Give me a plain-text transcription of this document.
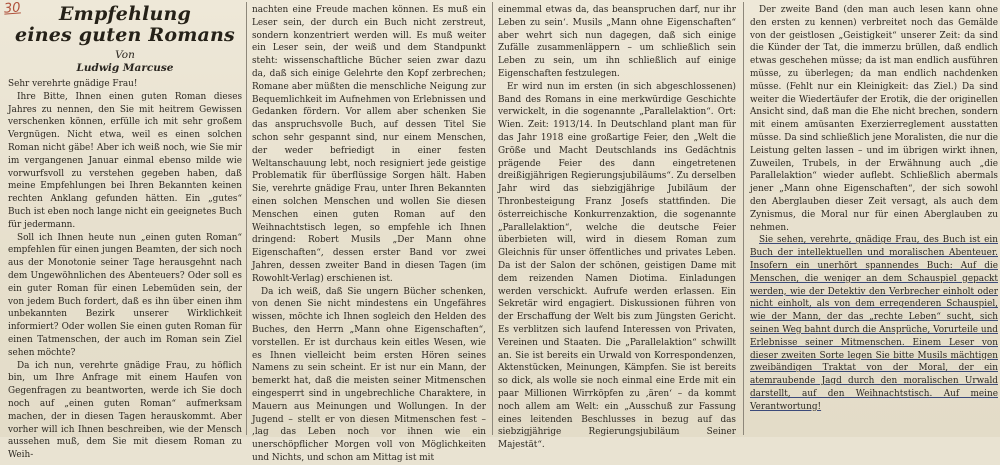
30	Empfehlung
eines guten Romans
Von
Ludwig Marcuse

Sehr verehrte gnädige Frau!

Ihre Bitte, Ihnen einen guten Roman dieses Jahres zu nennen, den Sie mit heitrem Gewissen verschenken können, erfülle ich mit sehr großem Vergnügen. Nicht etwa, weil es einen solchen Roman nicht gäbe! Aber ich weiß noch, wie Sie mir im vergangenen Januar einmal ebenso milde wie vorwurfsvoll zu verstehen gegeben haben, daß meine Empfehlungen bei Ihren Bekannten keinen rechten Anklang gefunden hätten. Ein „gutes“ Buch ist eben noch lange nicht ein geeignetes Buch für jedermann.

Soll ich Ihnen heute nun „einen guten Roman“ empfehlen für einen jungen Beamten, der sich noch aus der Monotonie seiner Tage herausgehnt nach dem Ungewöhnlichen des Abenteuers? Oder soll es ein guter Roman für einen Lebemüden sein, der von jedem Buch fordert, daß es ihn über einen ihm unbekannten Bezirk unserer Wirklichkeit informiert? Oder wollen Sie einen guten Roman für einen Tatmenschen, der auch im Roman sein Ziel sehen möchte?

Da ich nun, verehrte gnädige Frau, zu höflich bin, um Ihre Anfrage mit einem Haufen von Gegenfragen zu beantworten, werde ich Sie doch noch auf „einen guten Roman“ aufmerksam machen, der in diesen Tagen herauskommt. Aber vorher will ich Ihnen beschreiben, wie der Mensch aussehen muß, dem Sie mit diesem Roman zu Weih-

nachten eine Freude machen können. Es muß ein Leser sein, der durch ein Buch nicht zerstreut, sondern konzentriert werden will. Es muß weiter ein Leser sein, der weiß und dem Standpunkt steht: wissenschaftliche Bücher seien zwar dazu da, daß sich einige Gelehrte den Kopf zerbrechen; Romane aber müßten die menschliche Neigung zur Bequemlichkeit im Aufnehmen von Erlebnissen und Gedanken fördern. Vor allem aber schenken Sie das anspruchsvolle Buch, auf dessen Titel Sie schon sehr gespannt sind, nur einem Menschen, der weder befriedigt in einer festen Weltanschauung lebt, noch resigniert jede geistige Problematik für überflüssige Sorgen hält. Haben Sie, verehrte gnädige Frau, unter Ihren Bekannten einen solchen Menschen und wollen Sie diesen Menschen einen guten Roman auf den Weihnachtstisch legen, so empfehle ich Ihnen dringend: Robert Musils „Der Mann ohne Eigenschaften“, dessen erster Band vor zwei Jahren, dessen zweiter Band in diesen Tagen (im Rowohlt-Verlag) erschienen ist.

Da ich weiß, daß Sie ungern Bücher schenken, von denen Sie nicht mindestens ein Ungefähres wissen, möchte ich Ihnen sogleich den Helden des Buches, den Herrn „Mann ohne Eigenschaften“, vorstellen. Er ist durchaus kein eitles Wesen, wie es Ihnen vielleicht beim ersten Hören seines Namens zu sein scheint. Er ist nur ein Mann, der bemerkt hat, daß die meisten seiner Mitmenschen eingesperrt sind in ungebrechliche Charaktere, in Mauern aus Meinungen und Wollungen. In der Jugend – stellt er von diesen Mitmenschen fest – ‚lag das Leben noch vor ihnen wie ein unerschöpflicher Morgen voll von Möglichkeiten und Nichts, und schon am Mittag ist mit

einemmal etwas da, das beanspruchen darf, nur ihr Leben zu sein‘. Musils „Mann ohne Eigenschaften“ aber wehrt sich nun dagegen, daß sich einige Zufälle zusammenläppern – um schließlich sein Leben zu sein, um ihn schließlich auf einige Eigenschaften festzulegen.

Er wird nun im ersten (in sich abgeschlossenen) Band des Romans in eine merkwürdige Geschichte verwickelt, in die sogenannte „Parallelaktion“. Ort: Wien. Zeit: 1913/14. In Deutschland plant man für das Jahr 1918 eine großartige Feier, den „Welt die Größe und Macht Deutschlands ins Gedächtnis prägende Feier des dann eingetretenen dreißigjährigen Regierungsjubiläums“. Zu derselben Jahr wird das siebzigjährige Jubiläum der Thronbesteigung Franz Josefs stattfinden. Die österreichische Konkurrenzaktion, die sogenannte „Parallelaktion“, welche die deutsche Feier überbieten will, wird in diesem Roman zum Gleichnis für unser öffentliches und privates Leben. Da ist der Salon der schönen, geistigen Dame mit dem reizenden Namen Diotima. Einladungen werden verschickt. Aufrufe werden erlassen. Ein Sekretär wird engagiert. Diskussionen führen von der Erschaffung der Welt bis zum Jüngsten Gericht. Es verblitzen sich laufend Interessen von Privaten, Vereinen und Staaten. Die „Parallelaktion“ schwillt an. Sie ist bereits ein Urwald von Korrespondenzen, Aktenstücken, Meinungen, Kämpfen. Sie ist bereits so dick, als wolle sie noch einmal eine Erde mit ein paar Millionen Wirrköpfen zu ‚ären‘ – da kommt noch allem am Welt: ein „Ausschuß zur Fassung eines leitenden Beschlusses in bezug auf das siebzigjährige Regierungsjubiläum Seiner Majestät“.

Der zweite Band (den man auch lesen kann ohne den ersten zu kennen) verbreitet noch das Gemälde von der geistlosen „Geistigkeit“ unserer Zeit: da sind die Künder der Tat, die immerzu brüllen, daß endlich etwas geschehen müsse; da ist man endlich ausführen müsse, zu überlegen; da man endlich nachdenken müsse. (Fehlt nur ein Kleinigkeit: das Ziel.) Da sind weiter die Wiedertäufer der Erotik, die der originellen Ansicht sind, daß man die Ehe nicht brechen, sondern mit einem amüsanten Exerzierreglement ausstatten müsse. Da sind schließlich jene Moralisten, die nur die Leistung gelten lassen – und im übrigen wirkt ihnen, Zuweilen, Trubels, in der Erwähnung auch „die Parallelaktion“ wieder auflebt. Schließlich abermals jener „Mann ohne Eigenschaften“, der sich sowohl den Aberglauben dieser Zeit versagt, als auch dem Zynismus, die Moral nur für einen Aberglauben zu nehmen.

Sie sehen, verehrte, gnädige Frau, des Buch ist ein Buch der intellektuellen und moralischen Abenteuer. Insofern ein unerhört spannendes Buch: Auf die Menschen, die weniger an dem Schauspiel gepackt werden, wie der Detektiv den Verbrecher einholt oder nicht einholt, als von dem erregenderen Schauspiel, wie der Mann, der das „rechte Leben“ sucht, sich seinen Weg bahnt durch die Ansprüche, Vorurteile und Erlebnisse seiner Mitmenschen. Einem Leser von dieser zweiten Sorte legen Sie bitte Musils mächtigen zweibändigen Traktat von der Moral, der ein atemraubende Jagd durch den moralischen Urwald darstellt, auf den Weihnachtstisch. Auf meine Verantwortung!
